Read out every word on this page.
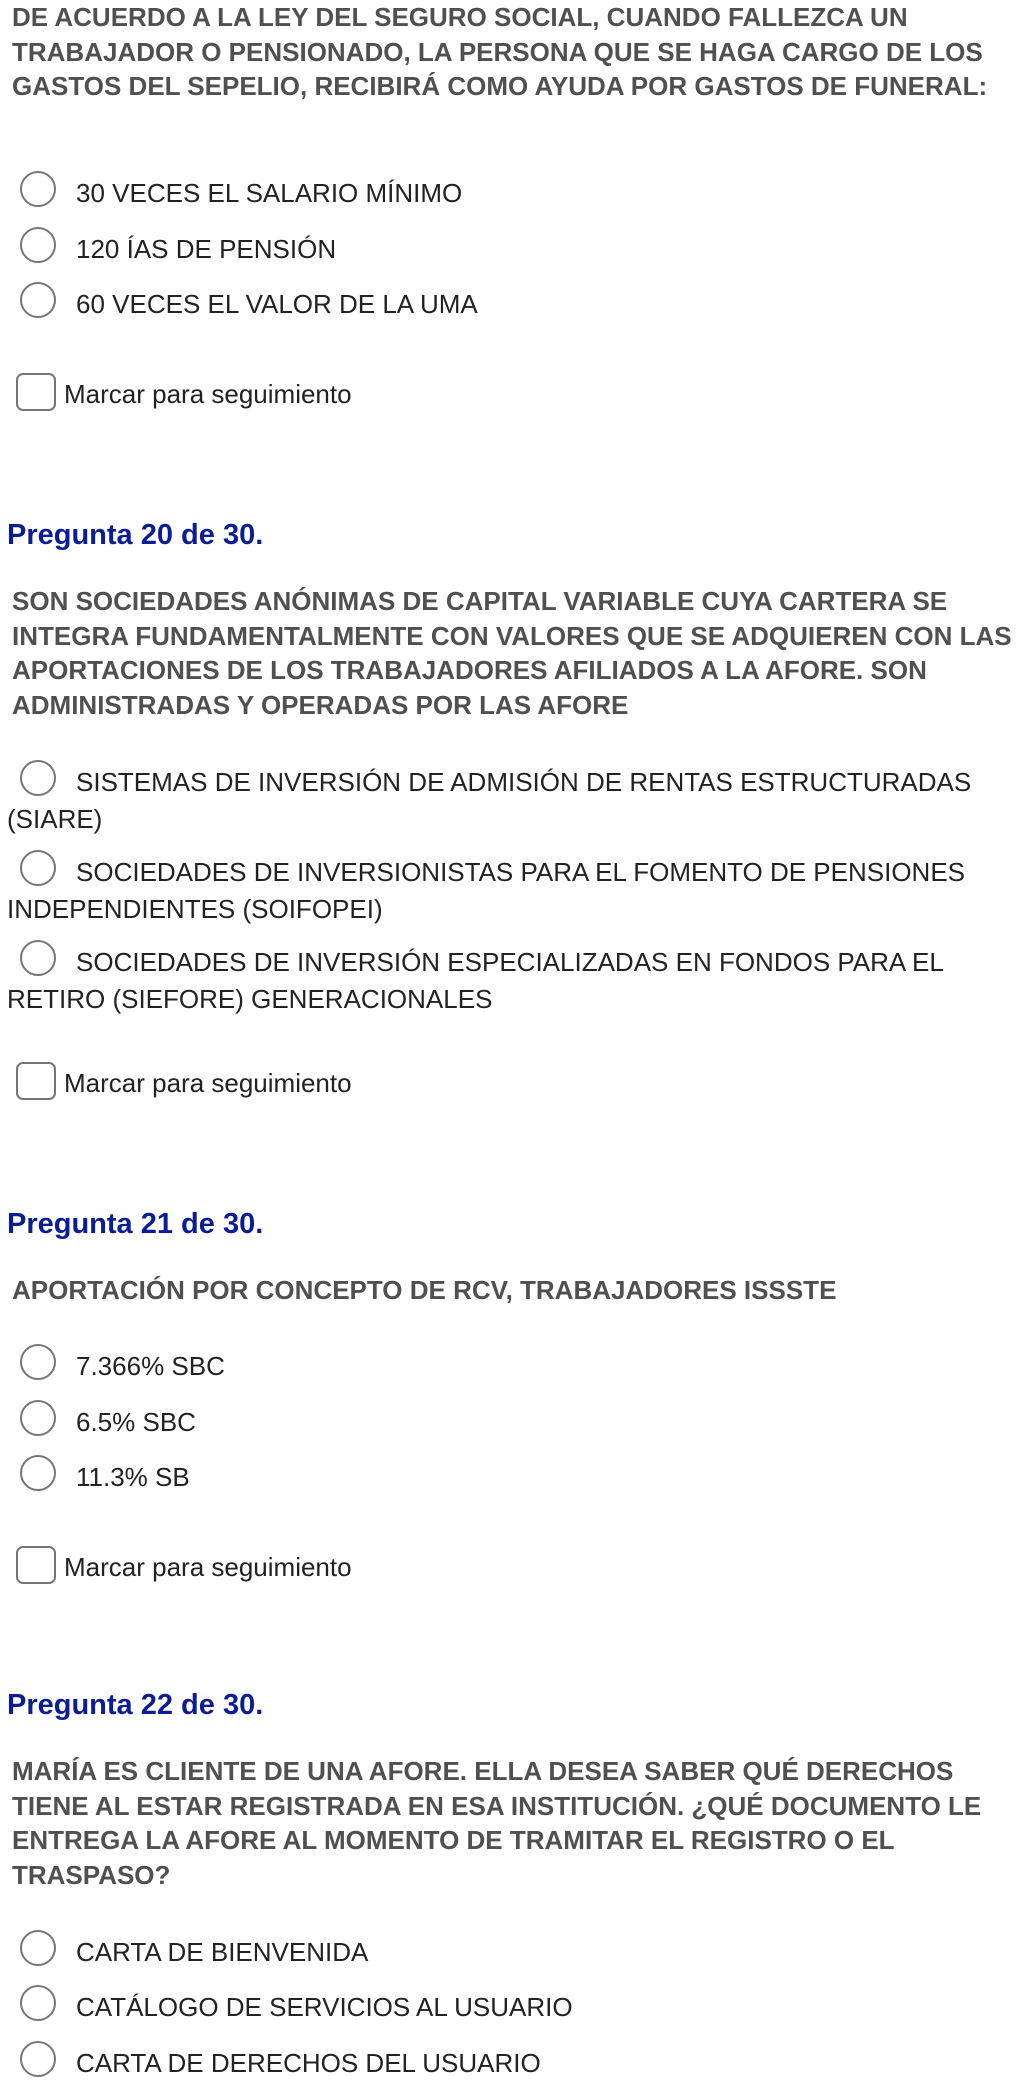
DE ACUERDO A LA LEY DEL SEGURO SOCIAL, CUANDO FALLEZCA UN TRABAJADOR O PENSIONADO, LA PERSONA QUE SE HAGA CARGO DE LOS GASTOS DEL SEPELIO, RECIBIRÁ COMO AYUDA POR GASTOS DE FUNERAL:

30 VECES EL SALARIO MÍNIMO
120 ÍAS DE PENSIÓN
60 VECES EL VALOR DE LA UMA
Marcar para seguimiento
Pregunta 20 de 30.

SON SOCIEDADES ANÓNIMAS DE CAPITAL VARIABLE CUYA CARTERA SE INTEGRA FUNDAMENTALMENTE CON VALORES QUE SE ADQUIEREN CON LAS APORTACIONES DE LOS TRABAJADORES AFILIADOS A LA AFORE. SON ADMINISTRADAS Y OPERADAS POR LAS AFORE

SISTEMAS DE INVERSIÓN DE ADMISIÓN DE RENTAS ESTRUCTURADAS (SIARE)
SOCIEDADES DE INVERSIONISTAS PARA EL FOMENTO DE PENSIONES INDEPENDIENTES (SOIFOPEI)
SOCIEDADES DE INVERSIÓN ESPECIALIZADAS EN FONDOS PARA EL RETIRO (SIEFORE) GENERACIONALES
Marcar para seguimiento
Pregunta 21 de 30.

APORTACIÓN POR CONCEPTO DE RCV, TRABAJADORES ISSSTE

7.366% SBC
6.5% SBC
11.3% SB
Marcar para seguimiento
Pregunta 22 de 30.

MARÍA ES CLIENTE DE UNA AFORE. ELLA DESEA SABER QUÉ DERECHOS TIENE AL ESTAR REGISTRADA EN ESA INSTITUCIÓN. ¿QUÉ DOCUMENTO LE ENTREGA LA AFORE AL MOMENTO DE TRAMITAR EL REGISTRO O EL TRASPASO?

CARTA DE BIENVENIDA
CATÁLOGO DE SERVICIOS AL USUARIO
CARTA DE DERECHOS DEL USUARIO
